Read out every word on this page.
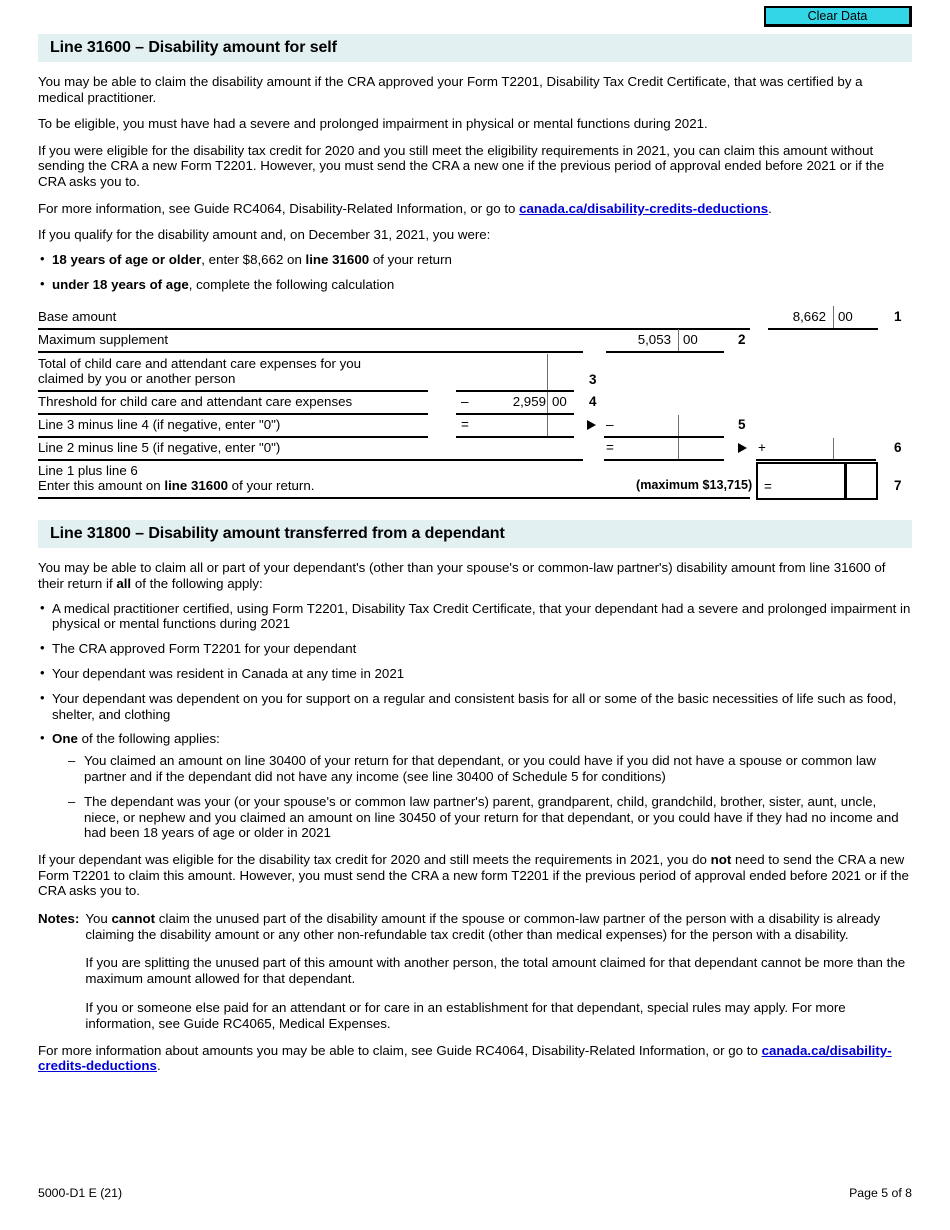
Clear Data
Line 31600 – Disability amount for self

You may be able to claim the disability amount if the CRA approved your Form T2201, Disability Tax Credit Certificate, that was certified by a medical practitioner.

To be eligible, you must have had a severe and prolonged impairment in physical or mental functions during 2021.

If you were eligible for the disability tax credit for 2020 and you still meet the eligibility requirements in 2021, you can claim this amount without sending the CRA a new Form T2201. However, you must send the CRA a new one if the previous period of approval ended before 2021 or if the CRA asks you to.

For more information, see Guide RC4064, Disability-Related Information, or go to canada.ca/disability-credits-deductions.

If you qualify for the disability amount and, on December 31, 2021, you were:

• 18 years of age or older, enter $8,662 on line 31600 of your return
• under 18 years of age, complete the following calculation
Base amount	8,662 00	1
Maximum supplement	5,053 00	2
Total of child care and attendant care expenses for you
claimed by you or another person	3
Threshold for child care and attendant care expenses	–	2,959 00	4
Line 3 minus line 4 (if negative, enter "0")	=	–	5
Line 2 minus line 5 (if negative, enter "0")	=	+	6
Line 1 plus line 6
Enter this amount on line 31600 of your return.	(maximum $13,715) =	7
Line 31800 – Disability amount transferred from a dependant

You may be able to claim all or part of your dependant's (other than your spouse's or common-law partner's) disability amount from line 31600 of their return if all of the following apply:

• A medical practitioner certified, using Form T2201, Disability Tax Credit Certificate, that your dependant had a severe and prolonged impairment in physical or mental functions during 2021
• The CRA approved Form T2201 for your dependant
• Your dependant was resident in Canada at any time in 2021
• Your dependant was dependent on you for support on a regular and consistent basis for all or some of the basic necessities of life such as food, shelter, and clothing
• One of the following applies:
– You claimed an amount on line 30400 of your return for that dependant, or you could have if you did not have a spouse or common law partner and if the dependant did not have any income (see line 30400 of Schedule 5 for conditions)
– The dependant was your (or your spouse's or common law partner's) parent, grandparent, child, grandchild, brother, sister, aunt, uncle, niece, or nephew and you claimed an amount on line 30450 of your return for that dependant, or you could have if they had no income and had been 18 years of age or older in 2021

If your dependant was eligible for the disability tax credit for 2020 and still meets the requirements in 2021, you do not need to send the CRA a new Form T2201 to claim this amount. However, you must send the CRA a new form T2201 if the previous period of approval ended before 2021 or if the CRA asks you to.

Notes: You cannot claim the unused part of the disability amount if the spouse or common-law partner of the person with a disability is already claiming the disability amount or any other non-refundable tax credit (other than medical expenses) for the person with a disability.

If you are splitting the unused part of this amount with another person, the total amount claimed for that dependant cannot be more than the maximum amount allowed for that dependant.

If you or someone else paid for an attendant or for care in an establishment for that dependant, special rules may apply. For more information, see Guide RC4065, Medical Expenses.

For more information about amounts you may be able to claim, see Guide RC4064, Disability-Related Information, or go to canada.ca/disability-credits-deductions.

5000-D1 E (21)	Page 5 of 8
